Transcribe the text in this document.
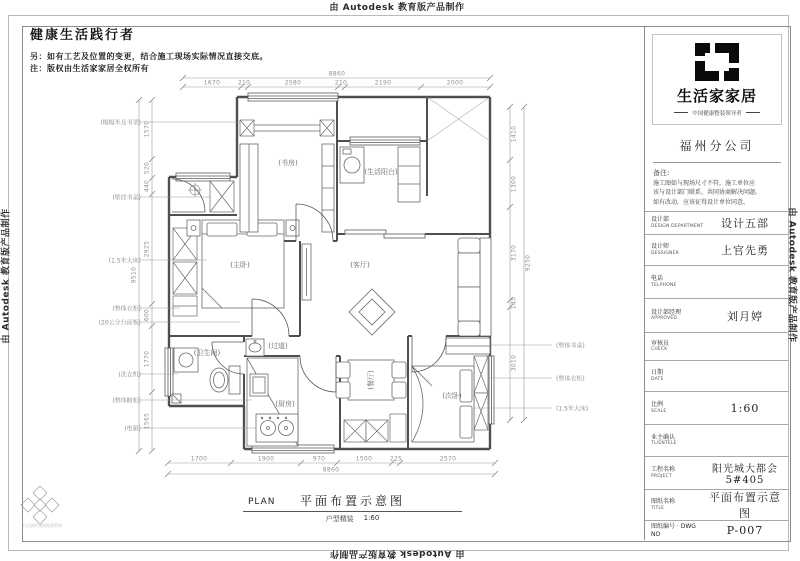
由 Autodesk 教育版产品制作
由 Autodesk 教育版产品制作
由 Autodesk 教育版产品制作	由 Autodesk 教育版产品制作
健康生活践行者
另：如有工艺及位置的变更，结合施工现场实际情况直接交底。
注：版权由生活家家居全权所有
(书房)
(生活阳台)
(主卧)	(客厅)
(过道)
(卫生间)
(厨房)
(餐厅)
(次卧)
(榻榻米及书架)
(壁挂书桌)
(1.5米大床)
(整体衣柜)
(20公分台面板)
(洗衣机)
(整体橱柜)
(电箱)
(整体书桌)
(整体衣柜)
(1.5米大床)
8860
1670	210	2580	210	2190	2000
8860
1700	1900	970	1500	225	2570
9510
1570
520
440
2925
600
1770
1565
9250
1410
1300
3170
145
3010
PLAN 平面布置示意图
户型精装 1:60
天正软件建筑绘图系统
生活家家居
中国健康整装领导者
福州分公司
备注:
施工图如与现场尺寸不符，施工单位应
该与设计部门联系，共同协商解决问题。
如有改动，应该征得设计单位同意。
设计部
DESIGN DEPARTMENT	设计五部
设计师
DESSIGNER	上官先勇
电话
TELPHONE
设计部经理
APPROVED	刘月婷
审核员
CHECK
日期
DATE
比例
SCALE	1:60
业主确认
TL/ENTELE
工程名称
PROJECT
阳光城大都会5#405
图纸名称
TITLE
平面布置示意图
图纸编号 · DWG NO	P-007
